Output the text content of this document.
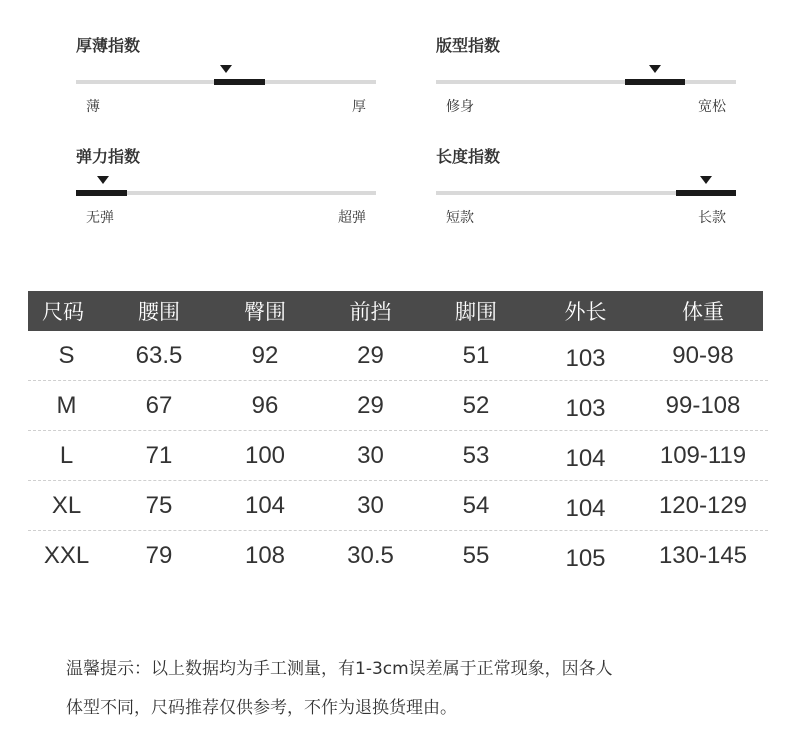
厚薄指数
薄	厚
版型指数
修身	宽松
弹力指数
无弹	超弹
长度指数
短款	长款
尺码	腰围	臀围	前挡	脚围	外长	体重
S	63.5	92	29	51	103	90-98
M	67	96	29	52	103	99-108
L	71	100	30	53	104	109-119
XL	75	104	30	54	104	120-129
XXL	79	108	30.5	55	105	130-145
温馨提示：以上数据均为手工测量，有1-3cm误差属于正常现象，因各人
体型不同，尺码推荐仅供参考，不作为退换货理由。
